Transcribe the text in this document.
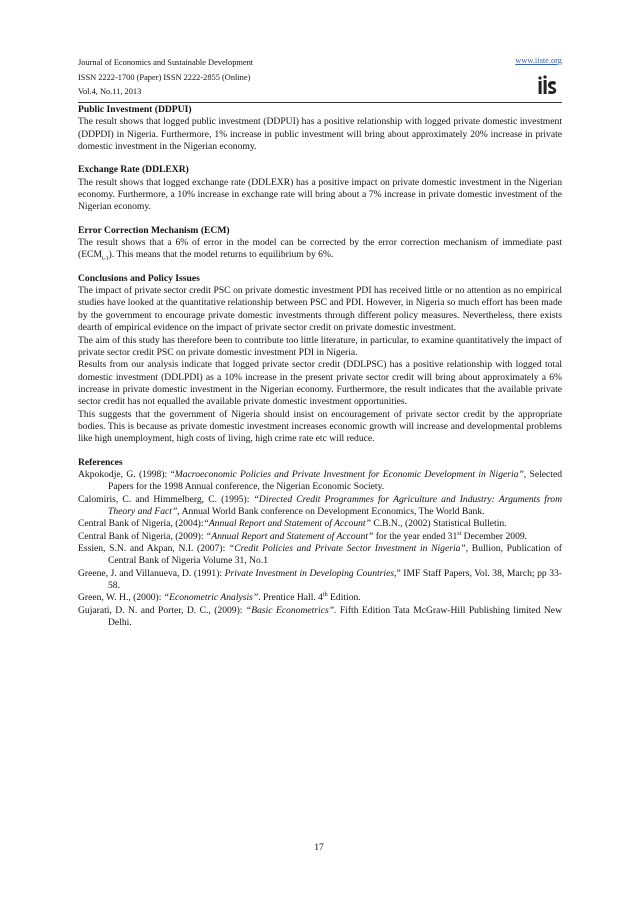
Journal of Economics and Sustainable Development
ISSN 2222-1700 (Paper) ISSN 2222-2855 (Online)
Vol.4, No.11, 2013
www.iiste.org

Public Investment (DDPUI)

The result shows that logged public investment (DDPUI) has a positive relationship with logged private domestic investment (DDPDI) in Nigeria. Furthermore, 1% increase in public investment will bring about approximately 20% increase in private domestic investment in the Nigerian economy.

Exchange Rate (DDLEXR)

The result shows that logged exchange rate (DDLEXR) has a positive impact on private domestic investment in the Nigerian economy. Furthermore, a 10% increase in exchange rate will bring about a 7% increase in private domestic investment of the Nigerian economy.

Error Correction Mechanism (ECM)

The result shows that a 6% of error in the model can be corrected by the error correction mechanism of immediate past $(ECM_{t-1})$. This means that the model returns to equilibrium by 6%.

Conclusions and Policy Issues

The impact of private sector credit PSC on private domestic investment PDI has received little or no attention as no empirical studies have looked at the quantitative relationship between PSC and PDI. However, in Nigeria so much effort has been made by the government to encourage private domestic investments through different policy measures. Nevertheless, there exists dearth of empirical evidence on the impact of private sector credit on private domestic investment.

The aim of this study has therefore been to contribute too little literature, in particular, to examine quantitatively the impact of private sector credit PSC on private domestic investment PDI in Nigeria.

Results from our analysis indicate that logged private sector credit (DDLPSC) has a positive relationship with logged total domestic investment (DDLPDI) as a 10% increase in the present private sector credit will bring about approximately a 6% increase in private domestic investment in the Nigerian economy. Furthermore, the result indicates that the available private sector credit has not equalled the available private domestic investment opportunities.

This suggests that the government of Nigeria should insist on encouragement of private sector credit by the appropriate bodies. This is because as private domestic investment increases economic growth will increase and developmental problems like high unemployment, high costs of living, high crime rate etc will reduce.

References

Akpokodje, G. (1998): “Macroeconomic Policies and Private Investment for Economic Development in Nigeria”, Selected Papers for the 1998 Annual conference, the Nigerian Economic Society.

Calomiris, C. and Himmelberg, C. (1995): “Directed Credit Programmes for Agriculture and Industry: Arguments from Theory and Fact”, Annual World Bank conference on Development Economics, The World Bank.

Central Bank of Nigeria, (2004):“Annual Report and Statement of Account” C.B.N., (2002) Statistical Bulletin.

Central Bank of Nigeria, (2009): “Annual Report and Statement of Account” for the year ended 31st December 2009.

Essien, S.N. and Akpan, N.I. (2007): “Credit Policies and Private Sector Investment in Nigeria”, Bullion, Publication of Central Bank of Nigeria Volume 31, No.1

Greene, J. and Villanueva, D. (1991): Private Investment in Developing Countries,” IMF Staff Papers, Vol. 38, March; pp 33-58.

Green, W. H., (2000): “Econometric Analysis”. Prentice Hall. 4th Edition.

Gujarati, D. N. and Porter, D. C., (2009): “Basic Econometrics”. Fifth Edition Tata McGraw-Hill Publishing limited New Delhi.

17
